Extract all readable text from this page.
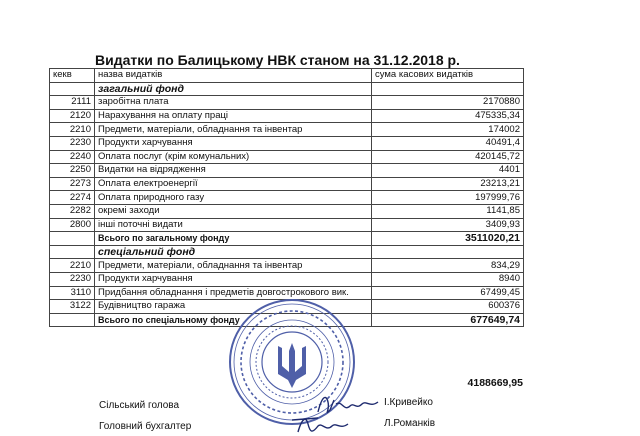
Видатки по Балицькому НВК станом на 31.12.2018 р.
кекв	назва видатків	сума касових видатків
	загальний фонд	
2111	заробітна плата	2170880
2120	Нарахування на оплату праці	475335,34
2210	Предмети, матеріали, обладнання та інвентар	174002
2230	Продукти харчування	40491,4
2240	Оплата послуг (крім комунальних)	420145,72
2250	Видатки на відрядження	4401
2273	Оплата електроенергії	23213,21
2274	Оплата природного газу	197999,76
2282	окремі заходи	1141,85
2800	інші поточні видати	3409,93
	Всього по загальному фонду	3511020,21
	спеціальний фонд	
2210	Предмети, матеріали, обладнання та інвентар	834,29
2230	Продукти харчування	8940
3110	Придбання обладнання і предметів довгострокового вик.	67499,45
3122	Будівництво гаража	600376
	Всього по спеціальному фонду	677649,74
4188669,95
Сільський голова	І.Кривейко
Головний бухгалтер	Л.Романків
